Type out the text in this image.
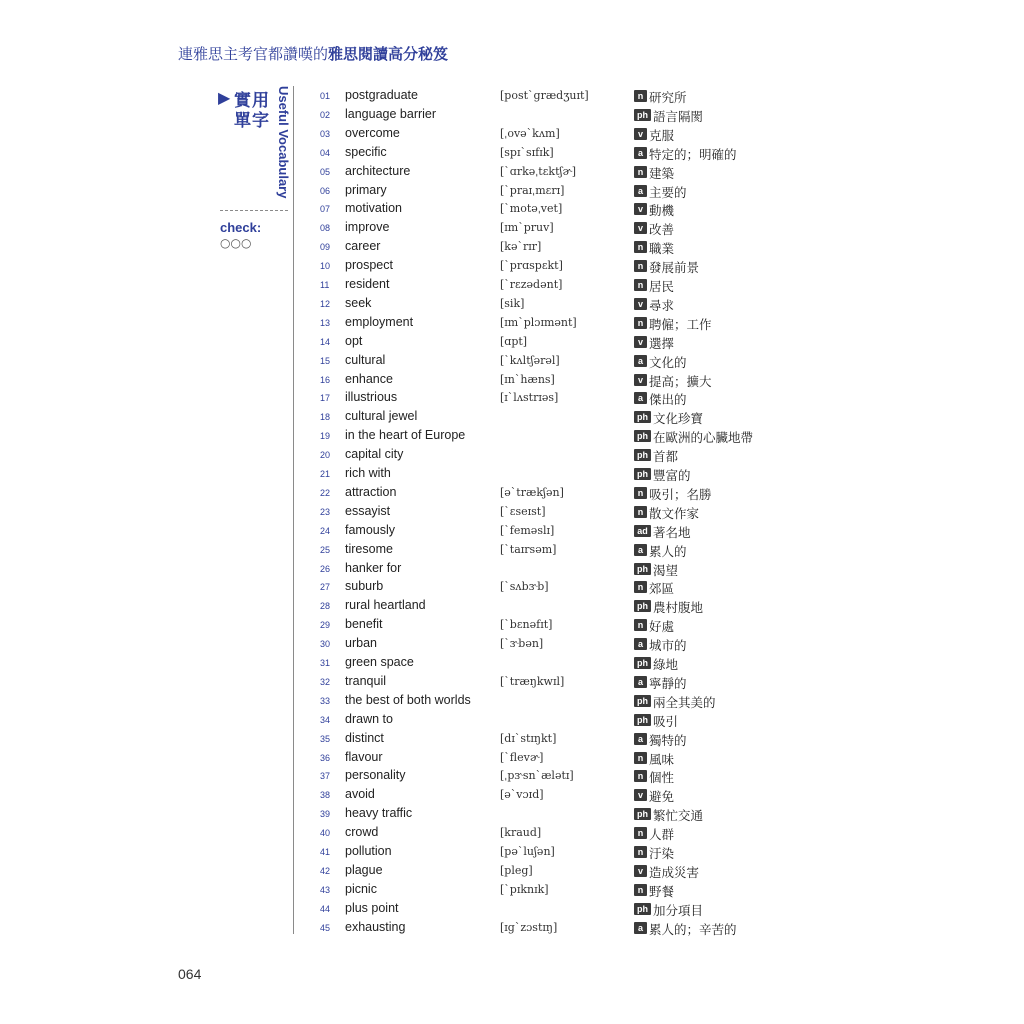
連雅思主考官都讚嘆的雅思閱讀高分秘笈
▶ 實用
單字 Useful Vocabulary
check:
○○○
01	postgraduate	[post`grædʒuɪt]	n 研究所
02	language barrier	ph 語言隔閡
03	overcome	[ˌovə`kʌm]	v 克服
04	specific	[spɪ`sɪfɪk]	a 特定的；明確的
05	architecture	[`ɑrkəˌtɛktʃɚ]	n 建築
06	primary	[`praɪˌmɛrɪ]	a 主要的
07	motivation	[`motəˌvet]	v 動機
08	improve	[ɪm`pruv]	v 改善
09	career	[kə`rɪr]	n 職業
10	prospect	[`prɑspɛkt]	n 發展前景
11	resident	[`rɛzədənt]	n 居民
12	seek	[sik]	v 尋求
13	employment	[ɪm`plɔɪmənt]	n 聘僱；工作
14	opt	[ɑpt]	v 選擇
15	cultural	[`kʌltʃərəl]	a 文化的
16	enhance	[ɪn`hæns]	v 提高；擴大
17	illustrious	[ɪ`lʌstrɪəs]	a 傑出的
18	cultural jewel	ph 文化珍寶
19	in the heart of Europe	ph 在歐洲的心臟地帶
20	capital city	ph 首都
21	rich with	ph 豐富的
22	attraction	[ə`trækʃən]	n 吸引；名勝
23	essayist	[`ɛseɪst]	n 散文作家
24	famously	[`feməslɪ]	ad 著名地
25	tiresome	[`taɪrsəm]	a 累人的
26	hanker for	ph 渴望
27	suburb	[`sʌbɝb]	n 郊區
28	rural heartland	ph 農村腹地
29	benefit	[`bɛnəfɪt]	n 好處
30	urban	[`ɝbən]	a 城市的
31	green space	ph 綠地
32	tranquil	[`træŋkwɪl]	a 寧靜的
33	the best of both worlds	ph 兩全其美的
34	drawn to	ph 吸引
35	distinct	[dɪ`stɪŋkt]	a 獨特的
36	flavour	[`flevɚ]	n 風味
37	personality	[ˌpɝsn`ælətɪ]	n 個性
38	avoid	[ə`vɔɪd]	v 避免
39	heavy traffic	ph 繁忙交通
40	crowd	[kraud]	n 人群
41	pollution	[pə`luʃən]	n 汙染
42	plague	[pleg]	v 造成災害
43	picnic	[`pɪknɪk]	n 野餐
44	plus point	ph 加分項目
45	exhausting	[ɪg`zɔstɪŋ]	a 累人的；辛苦的
064
